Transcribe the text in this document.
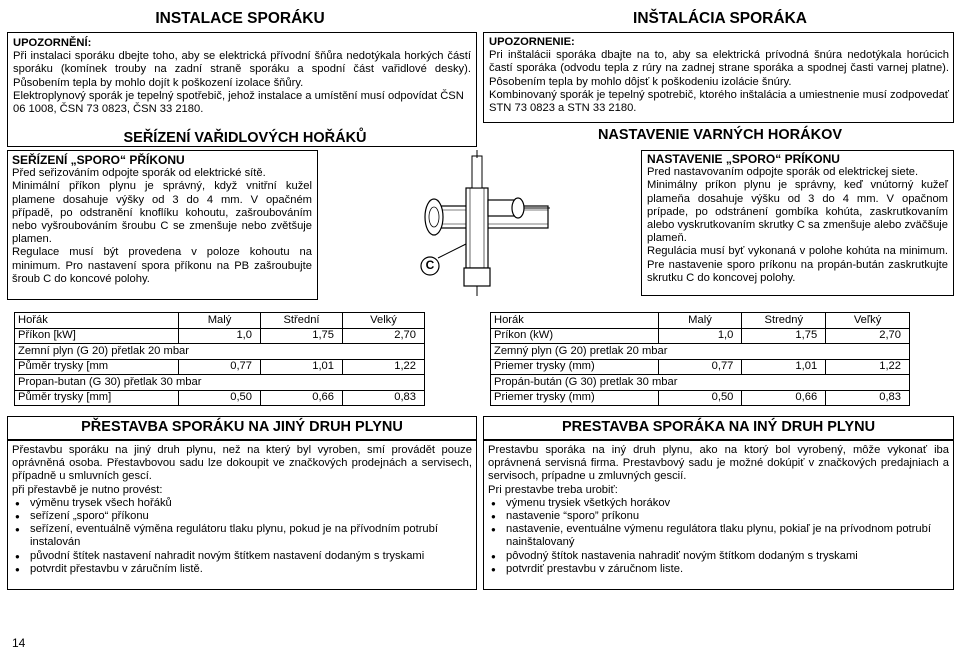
INSTALACE SPORÁKU

UPOZORNĚNÍ:

Při instalaci sporáku dbejte toho, aby se elektrická přívodní šňůra nedotýkala horkých částí sporáku (komínek trouby na zadní straně sporáku a spodní část vařidlové desky). Působením tepla by mohlo dojít k poškození izolace šňůry.

Elektroplynový sporák je tepelný spotřebič, jehož instalace a umístění musí odpovídat ČSN 06 1008, ČSN 73 0823, ČSN 33 2180.

SEŘÍZENÍ VAŘIDLOVÝCH HOŘÁKŮ

SEŘÍZENÍ „SPORO“ PŘÍKONU

Před seřizováním odpojte sporák od elektrické sítě.

Minimální příkon plynu je správný, když vnitřní kužel plamene dosahuje výšky od 3 do 4 mm. V opačném případě, po odstranění knoflíku kohoutu, zašroubováním nebo vyšroubováním šroubu C se zmenšuje nebo zvětšuje plamen.

Regulace musí být provedena v poloze kohoutu na minimum. Pro nastavení spora příkonu na PB zašroubujte šroub C do koncové polohy.

C
Hořák	Malý	Střední	Velký
Příkon [kW]	1,0	1,75	2,70
Zemní plyn (G 20) přetlak 20 mbar			
Půměr trysky [mm	0,77	1,01	1,22
Propan-butan (G 30) přetlak 30 mbar			
Půměr trysky [mm]	0,50	0,66	0,83
PŘESTAVBA SPORÁKU NA JINÝ DRUH PLYNU

Přestavbu sporáku na jiný druh plynu, než na který byl vyroben, smí provádět pouze oprávněná osoba. Přestavbovou sadu lze dokoupit ve značkových prodejnách a servisech, případně u smluvních gescí.

při přestavbě je nutno provést:

● výměnu trysek všech hořáků
● seřízení „sporo“ příkonu
● seřízení, eventuálně výměna regulátoru tlaku plynu, pokud je na přívodním potrubí instalován
● původní štítek nastavení nahradit novým štítkem nastavení dodaným s tryskami
● potvrdit přestavbu v záručním listě.
INŠTALÁCIA SPORÁKA

UPOZORNENIE:

Pri inštalácii sporáka dbajte na to, aby sa elektrická prívodná šnúra nedotýkala horúcich častí sporáka (odvodu tepla z rúry na zadnej strane sporáka a spodnej časti varnej platne). Pôsobením tepla by mohlo dôjsť k poškodeniu izolácie šnúry.

Kombinovaný sporák je tepelný spotrebič, ktorého inštalácia a umiestnenie musí zodpovedať STN 73 0823 a STN 33 2180.

NASTAVENIE VARNÝCH HORÁKOV

NASTAVENIE „SPORO“ PRÍKONU

Pred nastavovaním odpojte sporák od elektrickej siete.

Minimálny príkon plynu je správny, keď vnútorný kužeľ plameňa dosahuje výšku od 3 do 4 mm. V opačnom prípade, po odstránení gombíka kohúta, zaskrutkovaním alebo vyskrutkovaním skrutky C sa zmenšuje alebo zväčšuje plameň.

Regulácia musí byť vykonaná v polohe kohúta na minimum. Pre nastavenie sporo príkonu na propán-bután zaskrutkujte skrutku C do koncovej polohy.

Horák	Malý	Stredný	Veľký
Príkon (kW)	1,0	1,75	2,70
Zemný plyn (G 20) pretlak 20 mbar			
Priemer trysky (mm)	0,77	1,01	1,22
Propán-bután (G 30) pretlak 30 mbar			
Priemer trysky (mm)	0,50	0,66	0,83
PRESTAVBA SPORÁKA NA INÝ DRUH PLYNU

Prestavbu sporáka na iný druh plynu, ako na ktorý bol vyrobený, môže vykonať iba oprávnená servisná firma. Prestavbový sadu je možné dokúpiť v značkových predajniach a servisoch, prípadne u zmluvných gescií.

Pri prestavbe treba urobiť:

● výmenu trysiek všetkých horákov
● nastavenie “sporo” príkonu
● nastavenie, eventuálne výmenu regulátora tlaku plynu, pokiaľ je na prívodnom potrubí nainštalovaný
● pôvodný štítok nastavenia nahradiť novým štítkom dodaným s tryskami
● potvrdiť prestavbu v záručnom liste.
14
